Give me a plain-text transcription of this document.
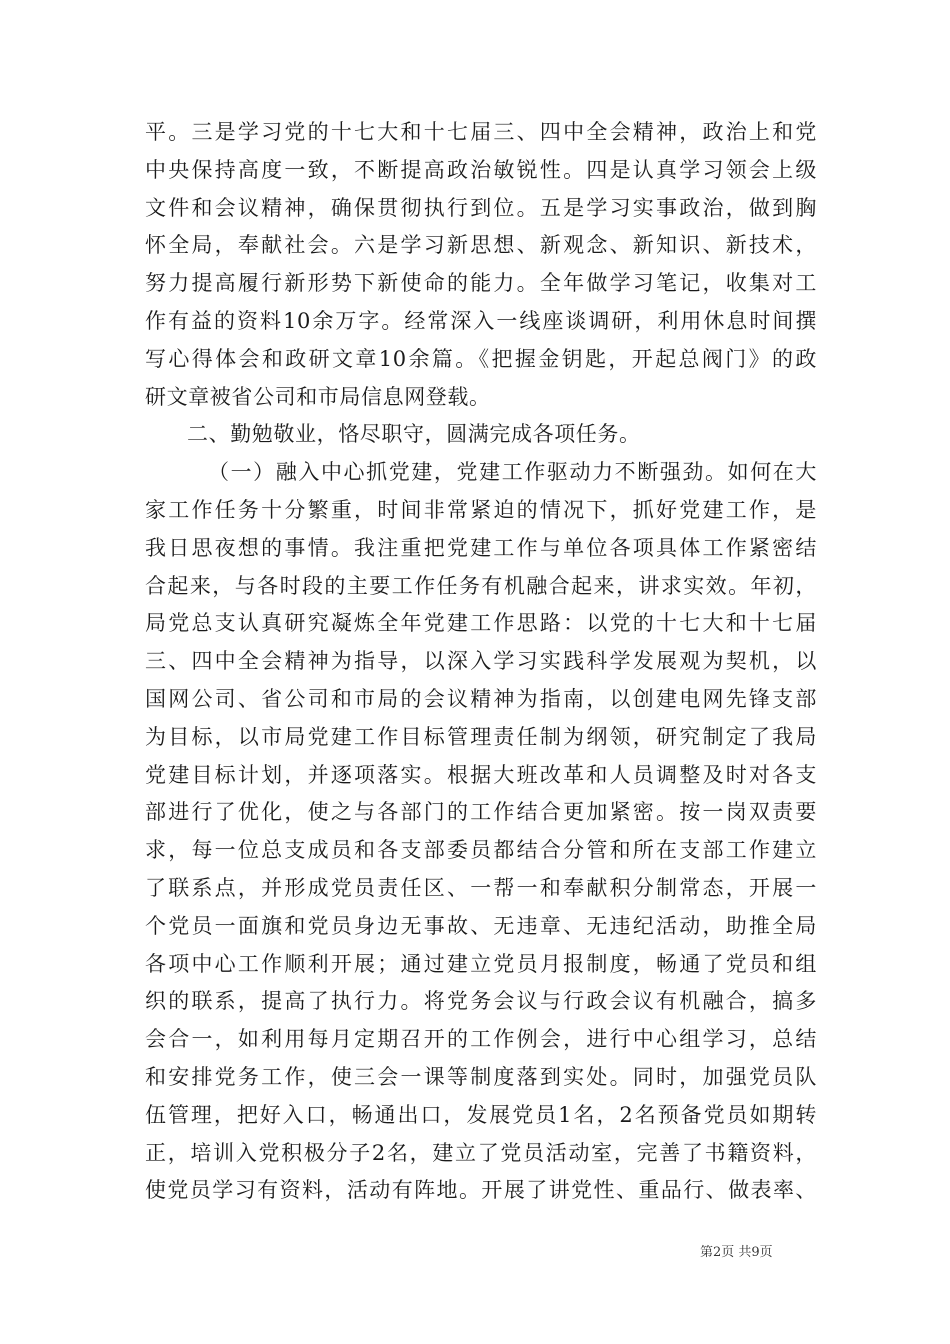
平。三是学习党的十七大和十七届三、四中全会精神，政治上和党
中央保持高度一致，不断提高政治敏锐性。四是认真学习领会上级
文件和会议精神，确保贯彻执行到位。五是学习实事政治，做到胸
怀全局，奉献社会。六是学习新思想、新观念、新知识、新技术，
努力提高履行新形势下新使命的能力。全年做学习笔记，收集对工
作有益的资料10余万字。经常深入一线座谈调研，利用休息时间撰
写心得体会和政研文章10余篇。《把握金钥匙，开起总阀门》的政
研文章被省公司和市局信息网登载。
二、勤勉敬业，恪尽职守，圆满完成各项任务。
（一）融入中心抓党建，党建工作驱动力不断强劲。如何在大
家工作任务十分繁重，时间非常紧迫的情况下，抓好党建工作，是
我日思夜想的事情。我注重把党建工作与单位各项具体工作紧密结
合起来，与各时段的主要工作任务有机融合起来，讲求实效。年初，
局党总支认真研究凝炼全年党建工作思路：以党的十七大和十七届
三、四中全会精神为指导，以深入学习实践科学发展观为契机，以
国网公司、省公司和市局的会议精神为指南，以创建电网先锋支部
为目标，以市局党建工作目标管理责任制为纲领，研究制定了我局
党建目标计划，并逐项落实。根据大班改革和人员调整及时对各支
部进行了优化，使之与各部门的工作结合更加紧密。按一岗双责要
求，每一位总支成员和各支部委员都结合分管和所在支部工作建立
了联系点，并形成党员责任区、一帮一和奉献积分制常态，开展一
个党员一面旗和党员身边无事故、无违章、无违纪活动，助推全局
各项中心工作顺利开展；通过建立党员月报制度，畅通了党员和组
织的联系，提高了执行力。将党务会议与行政会议有机融合，搞多
会合一，如利用每月定期召开的工作例会，进行中心组学习，总结
和安排党务工作，使三会一课等制度落到实处。同时，加强党员队
伍管理，把好入口，畅通出口，发展党员1名，2名预备党员如期转
正，培训入党积极分子2名，建立了党员活动室，完善了书籍资料，
使党员学习有资料，活动有阵地。开展了讲党性、重品行、做表率、
第2页 共9页
